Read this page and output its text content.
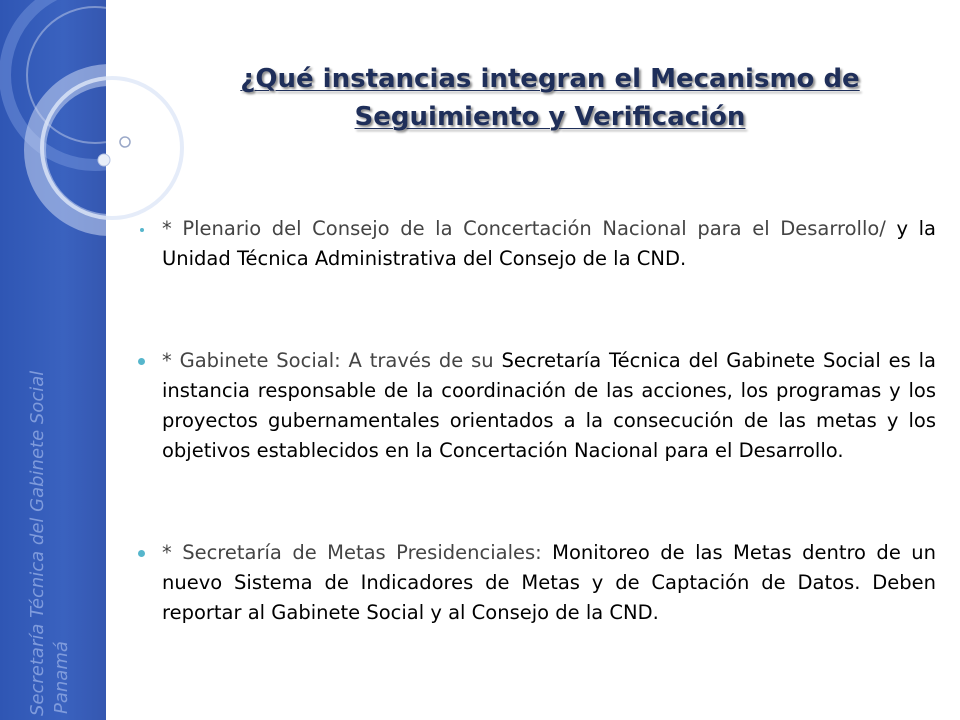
Secretaría Técnica del Gabinete Social Panamá
¿Qué instancias integran el Mecanismo de
Seguimiento y Verificación
* Plenario del Consejo de la Concertación Nacional para el Desarrollo/ y la Unidad Técnica Administrativa del Consejo de la CND.
* Gabinete Social: A través de su Secretaría Técnica del Gabinete Social es la instancia responsable de la coordinación de las acciones, los programas y los proyectos gubernamentales orientados a la consecución de las metas y los objetivos establecidos en la Concertación Nacional para el Desarrollo.
* Secretaría de Metas Presidenciales: Monitoreo de las Metas dentro de un nuevo Sistema de Indicadores de Metas y de Captación de Datos. Deben reportar al Gabinete Social y al Consejo de la CND.
